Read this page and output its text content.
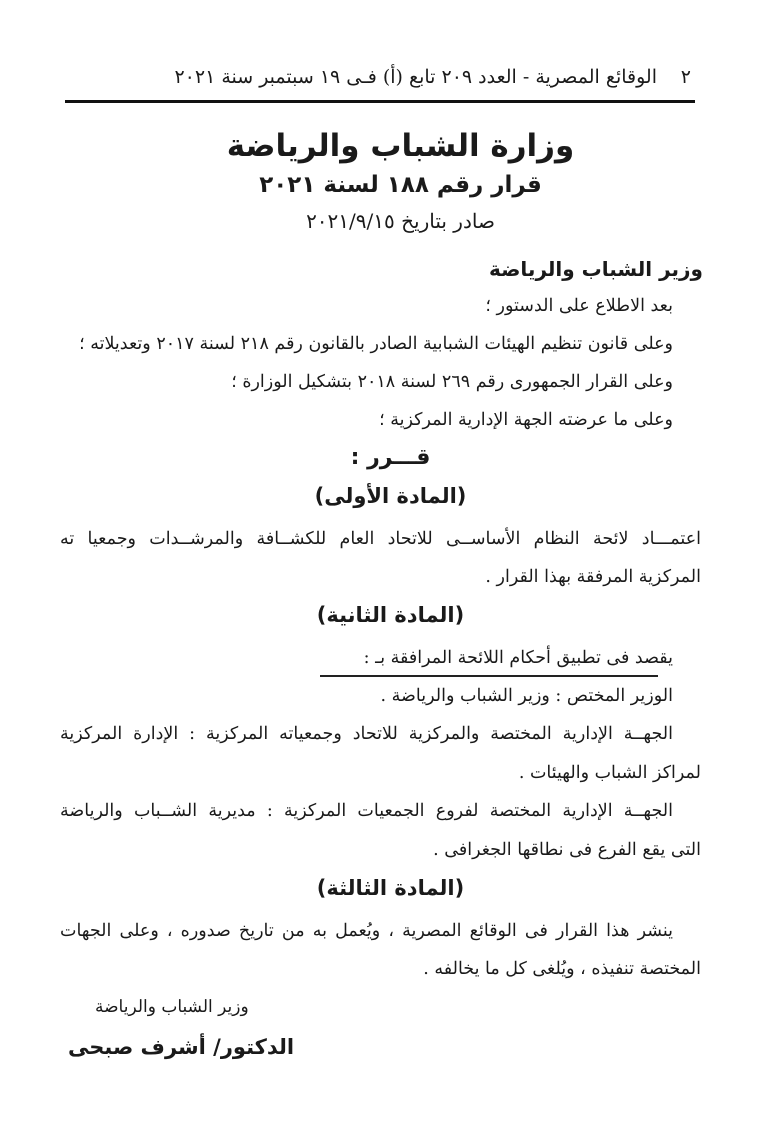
٢
الوقائع المصرية - العدد ٢٠٩ تابع (أ) فـى ١٩ سبتمبر سنة ٢٠٢١
وزارة الشباب والرياضة
قرار رقم ١٨٨ لسنة ٢٠٢١
صادر بتاريخ ٢٠٢١/٩/١٥
وزير الشباب والرياضة
بعد الاطلاع على الدستور ؛
وعلى قانون تنظيم الهيئات الشبابية الصادر بالقانون رقم ٢١٨ لسنة ٢٠١٧ وتعديلاته ؛
وعلى القرار الجمهورى رقم ٢٦٩ لسنة ٢٠١٨ بتشكيل الوزارة ؛
وعلى ما عرضته الجهة الإدارية المركزية ؛
قـــرر :
(المادة الأولى)
اعتمـــاد لائحة النظام الأساســى للاتحاد العام للكشــافة والمرشــدات وجمعيا ته
المركزية المرفقة بهذا القرار .
(المادة الثانية)
يقصد فى تطبيق أحكام اللائحة المرافقة بـ :
الوزير المختص : وزير الشباب والرياضة .
الجهــة الإدارية المختصة والمركزية للاتحاد وجمعياته المركزية : الإدارة المركزية
لمراكز الشباب والهيئات .
الجهــة الإدارية المختصة لفروع الجمعيات المركزية : مديرية الشــباب والرياضة
التى يقع الفرع فى نطاقها الجغرافى .
(المادة الثالثة)
ينشر هذا القرار فى الوقائع المصرية ، ويُعمل به من تاريخ صدوره ، وعلى الجهات
المختصة تنفيذه ، ويُلغى كل ما يخالفه .
وزير الشباب والرياضة
الدكتور/ أشرف صبحى
